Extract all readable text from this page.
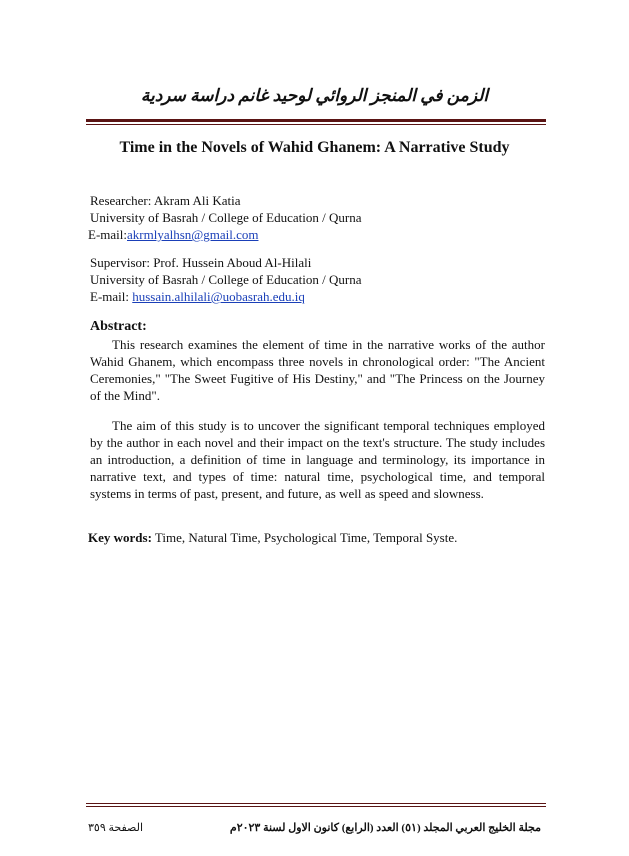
الزمن في المنجز الروائي لوحيد غانم دراسة سردية
Time in the Novels of Wahid Ghanem: A Narrative Study
Researcher: Akram Ali Katia
University of Basrah / College of Education / Qurna
E-mail:akrmlyalhsn@gmail.com
Supervisor: Prof. Hussein Aboud Al-Hilali
University of Basrah / College of Education / Qurna
E-mail: hussain.alhilali@uobasrah.edu.iq
Abstract:

This research examines the element of time in the narrative works of the author Wahid Ghanem, which encompass three novels in chronological order: "The Ancient Ceremonies," "The Sweet Fugitive of His Destiny," and "The Princess on the Journey of the Mind".

The aim of this study is to uncover the significant temporal techniques employed by the author in each novel and their impact on the text's structure. The study includes an introduction, a definition of time in language and terminology, its importance in narrative text, and types of time: natural time, psychological time, and temporal systems in terms of past, present, and future, as well as speed and slowness.

Key words: Time, Natural Time, Psychological Time, Temporal Syste.
مجلة الخليج العربي المجلد (٥١) العدد (الرابع) كانون الاول لسنة ٢٠٢٣م
الصفحة ٣٥٩
